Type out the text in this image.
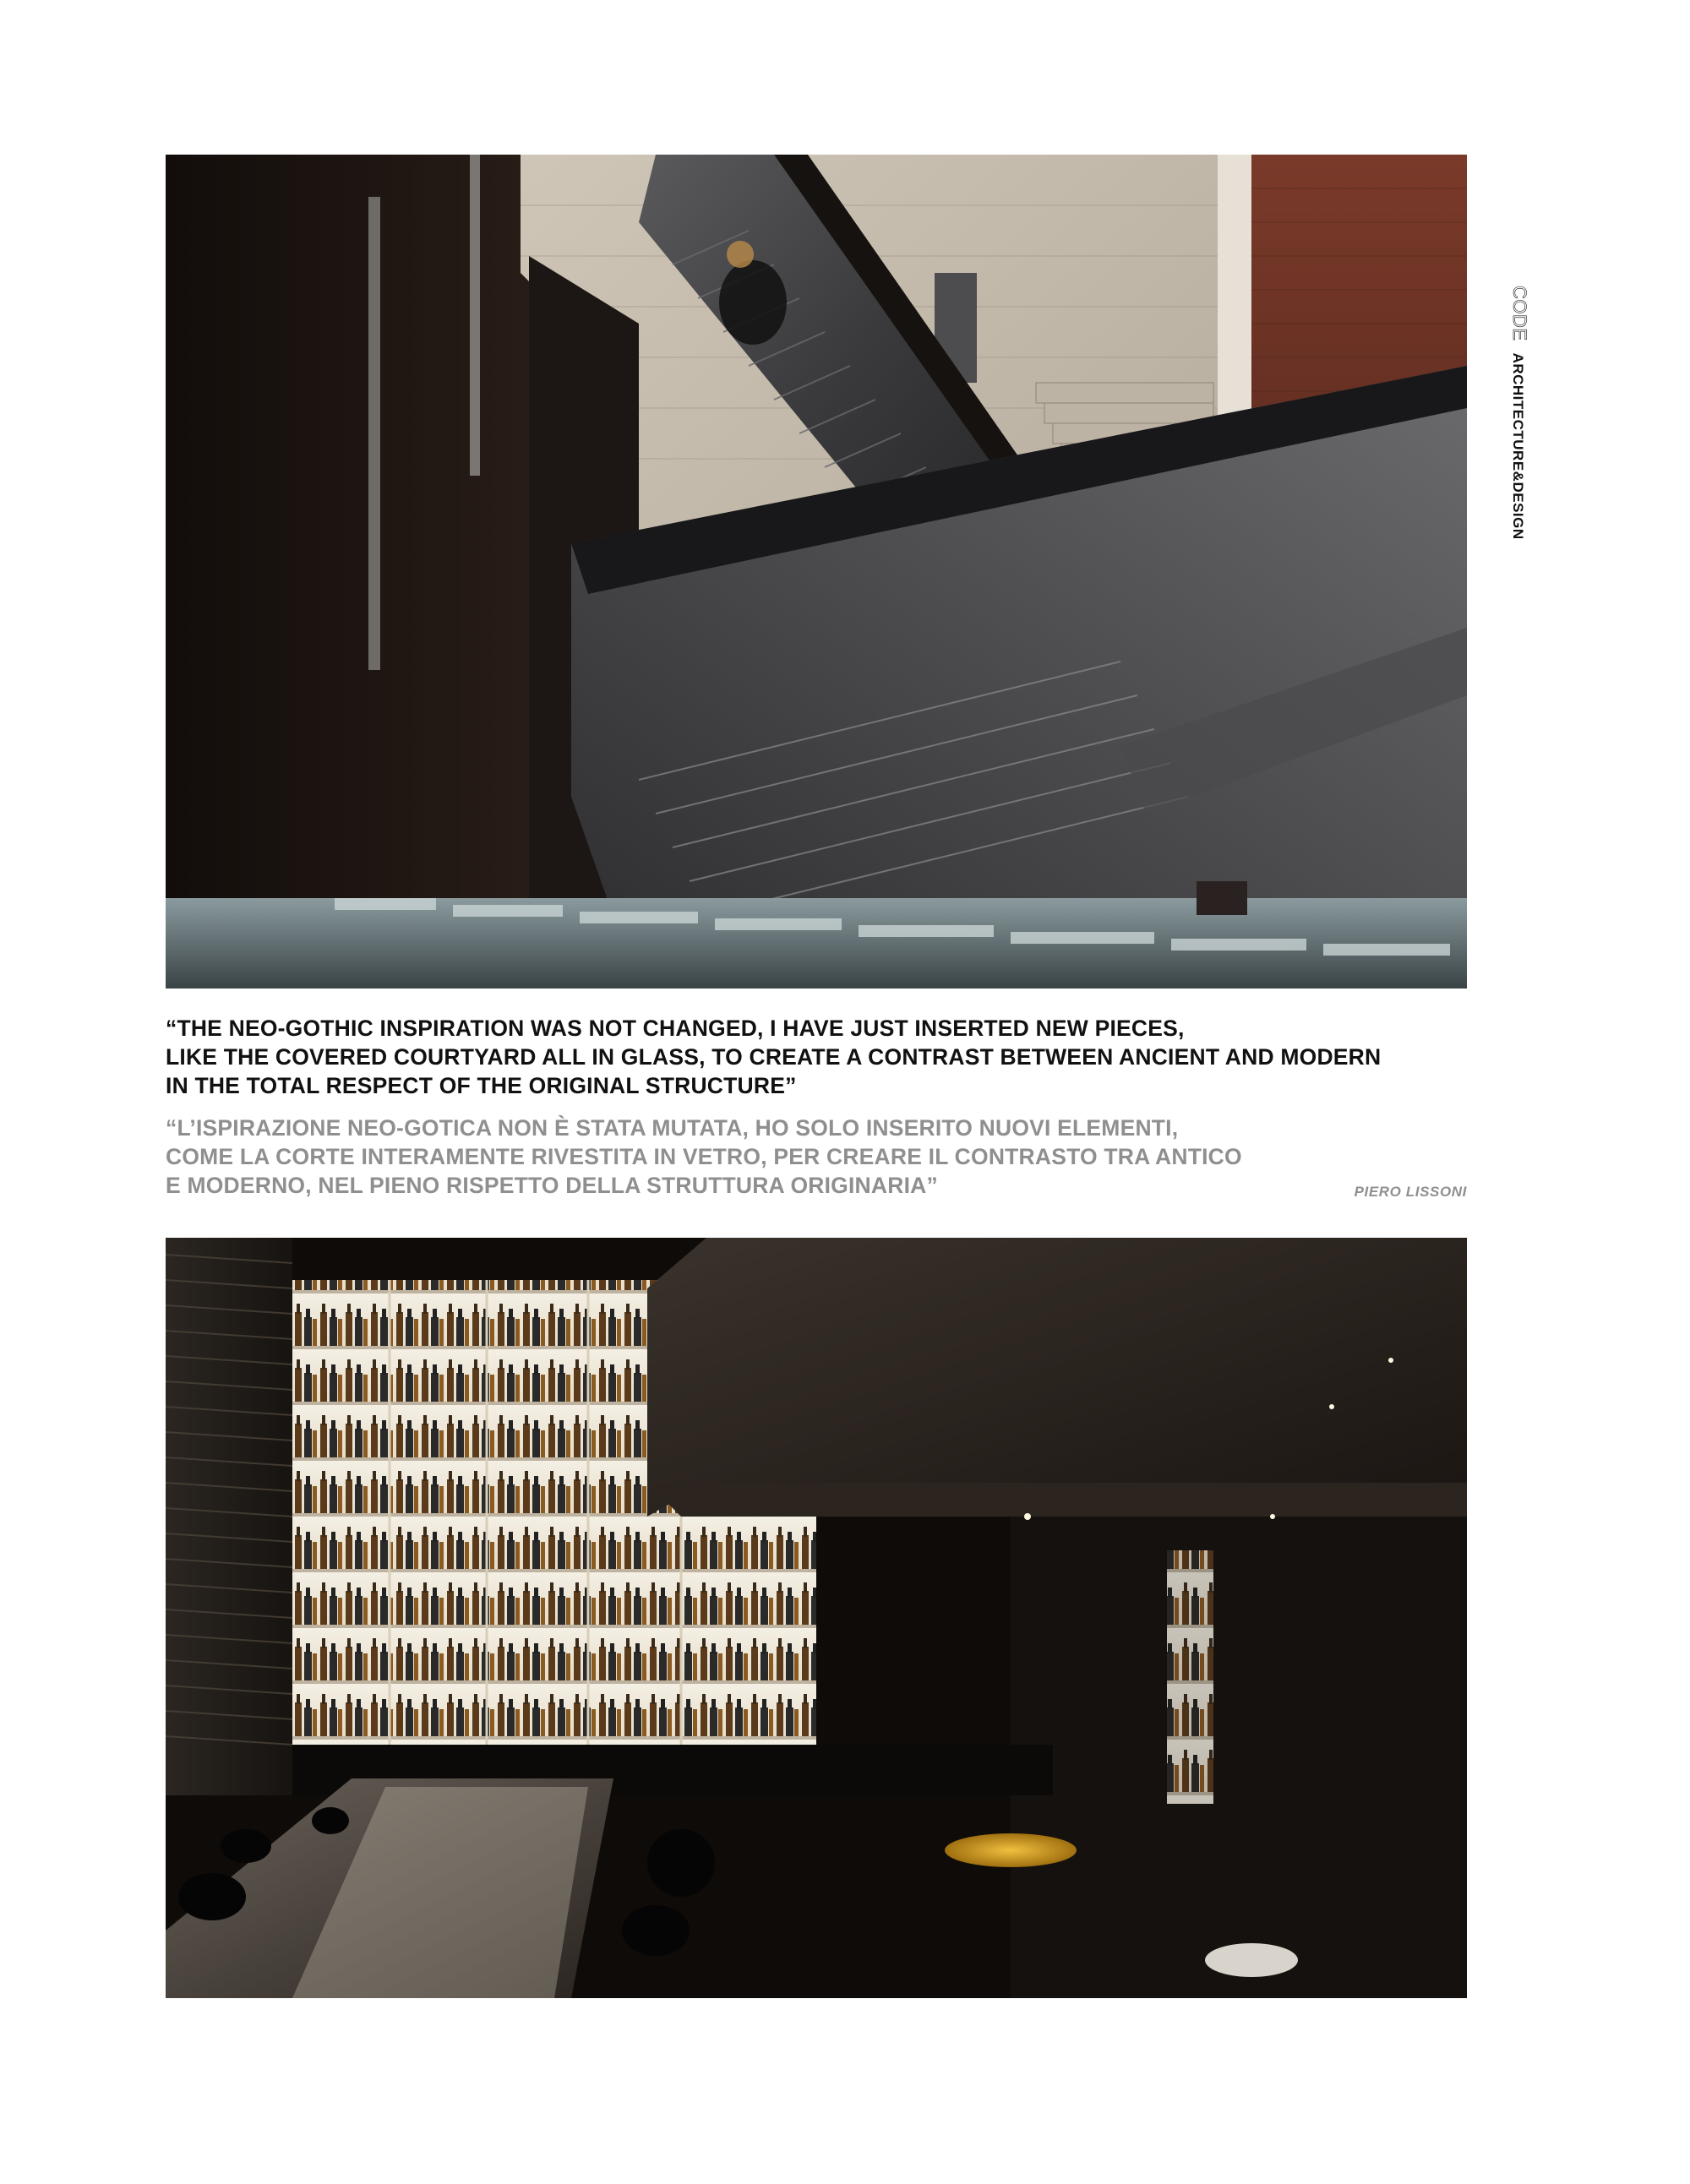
CODEARCHITECTURE&DESIGN

“THE NEO-GOTHIC INSPIRATION WAS NOT CHANGED, I HAVE JUST INSERTED NEW PIECES,
LIKE THE COVERED COURTYARD ALL IN GLASS, TO CREATE A CONTRAST BETWEEN ANCIENT AND MODERN
IN THE TOTAL RESPECT OF THE ORIGINAL STRUCTURE”

“L’ISPIRAZIONE NEO-GOTICA NON È STATA MUTATA, HO SOLO INSERITO NUOVI ELEMENTI,
COME LA CORTE INTERAMENTE RIVESTITA IN VETRO, PER CREARE IL CONTRASTO TRA ANTICO
E MODERNO, NEL PIENO RISPETTO DELLA STRUTTURA ORIGINARIA”	PIERO LISSONI
